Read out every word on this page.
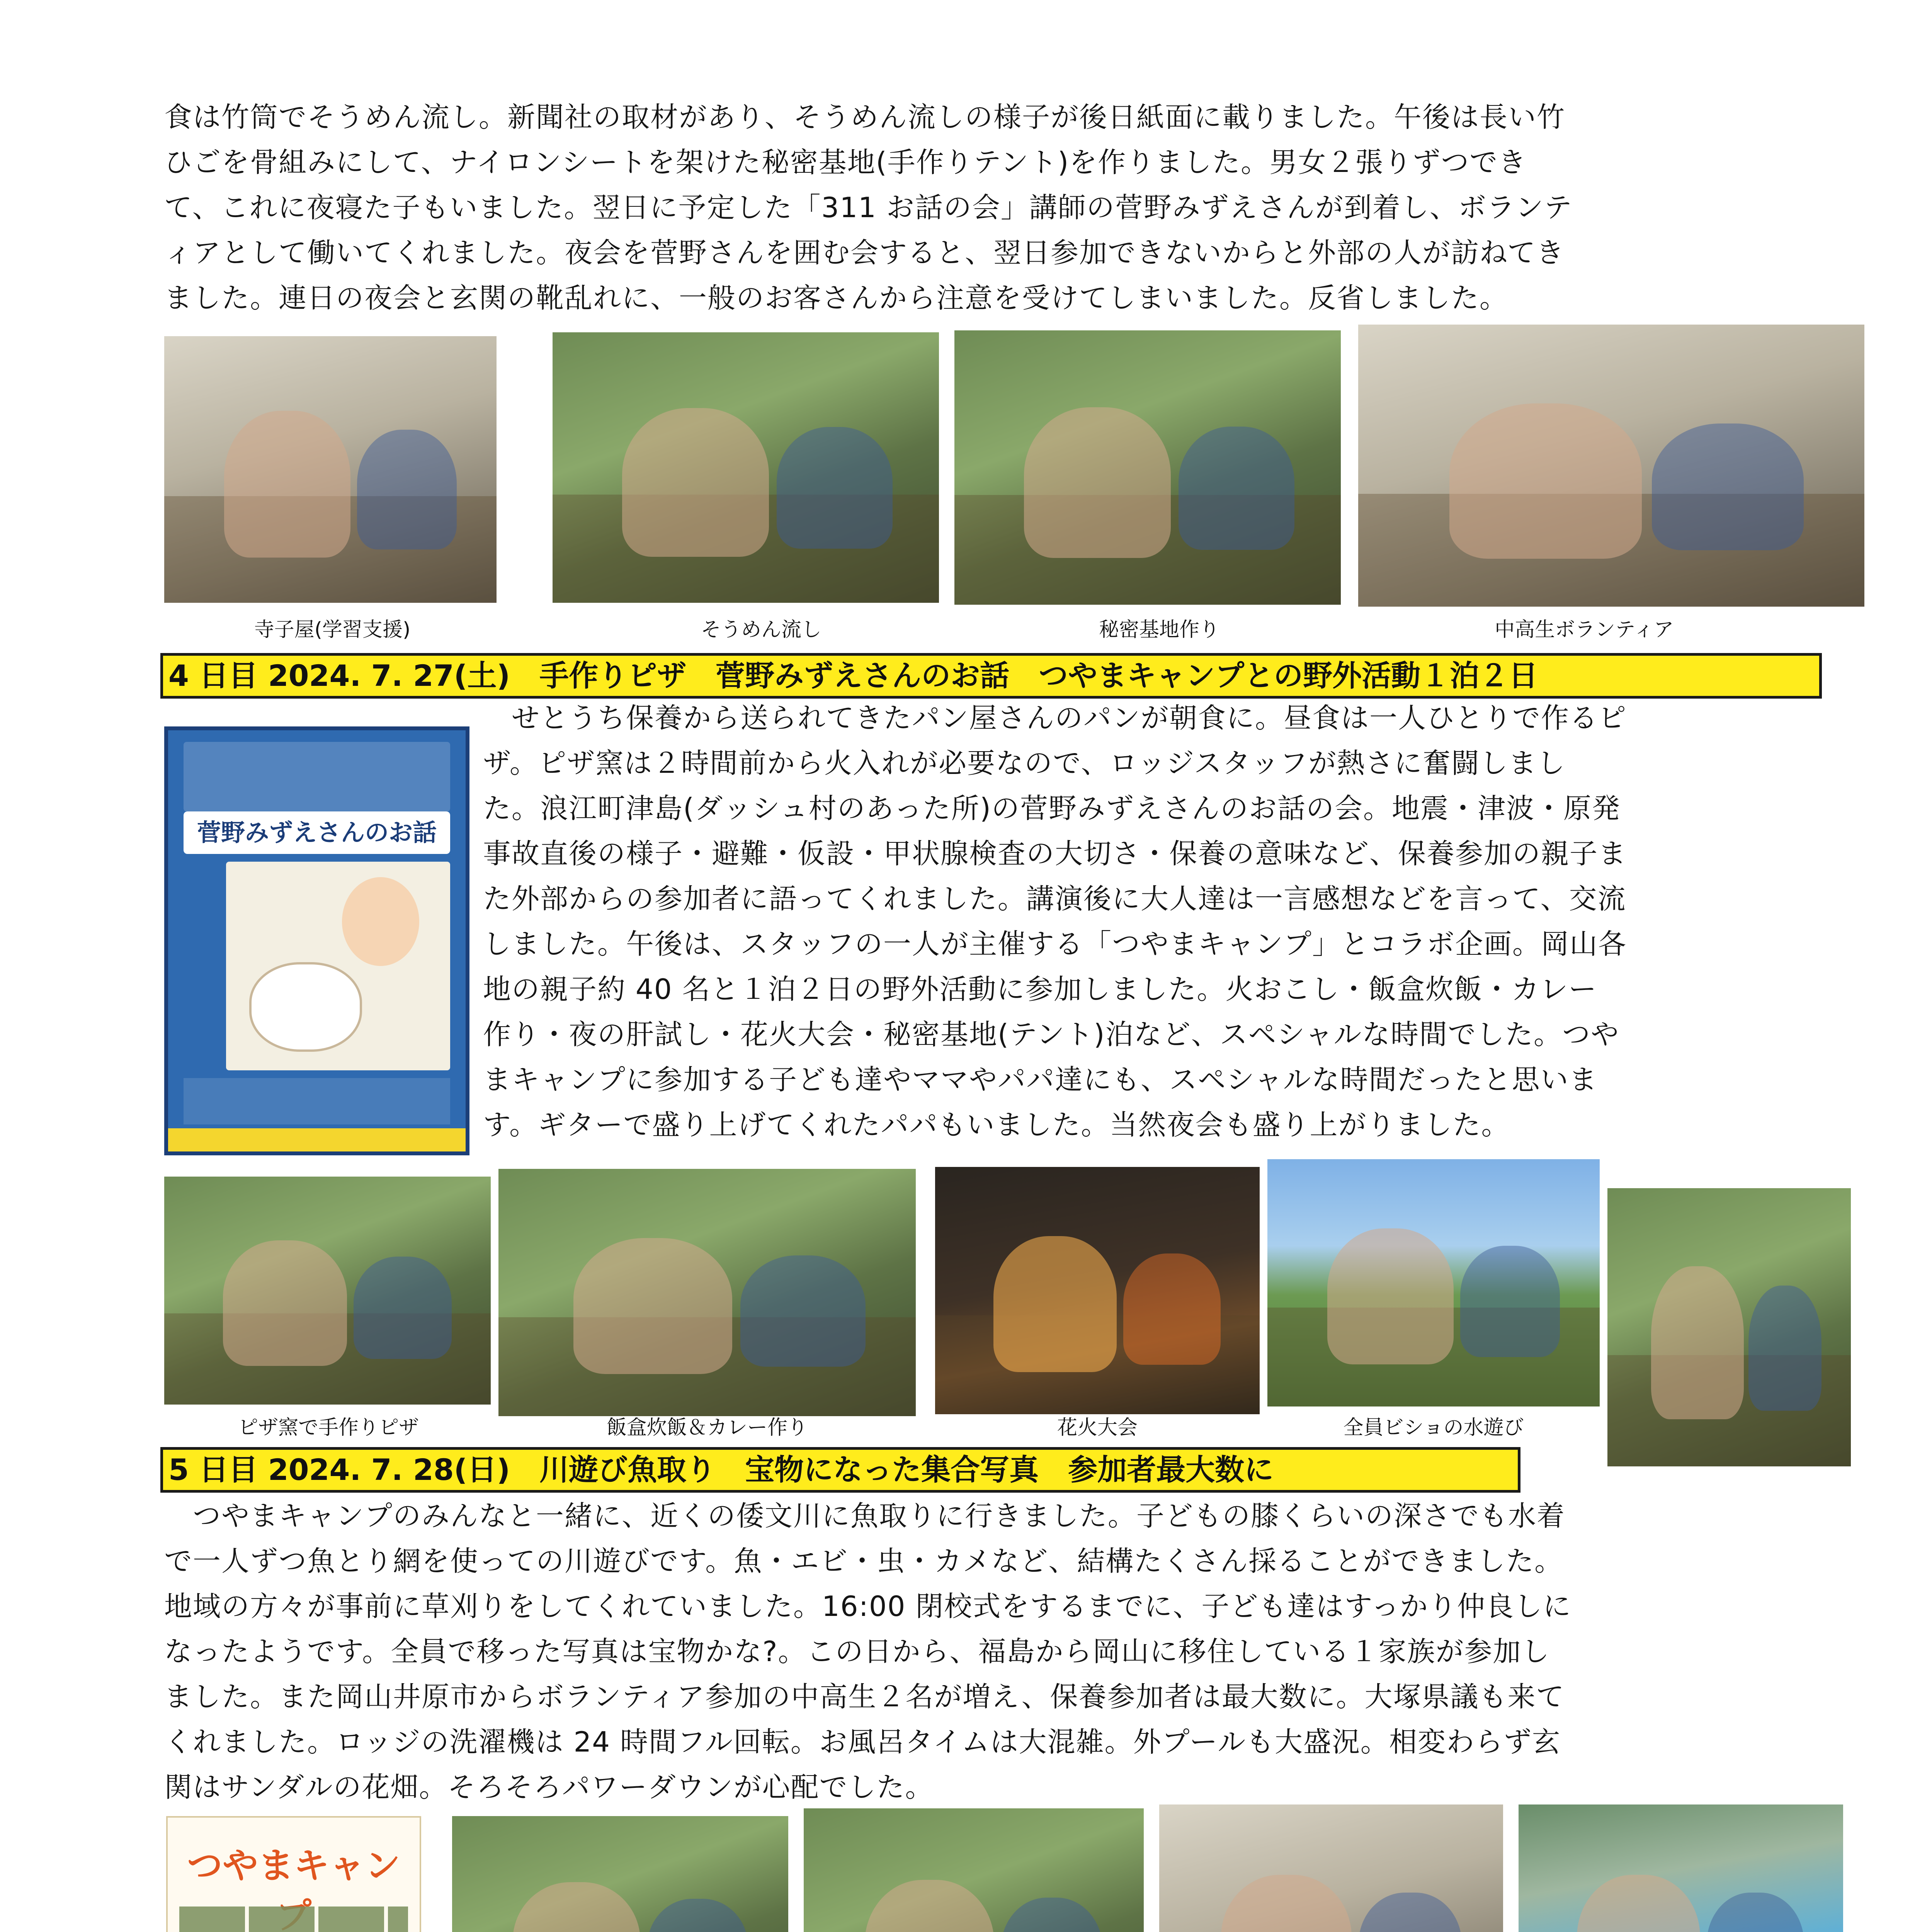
食は竹筒でそうめん流し。新聞社の取材があり、そうめん流しの様子が後日紙面に載りました。午後は長い竹
ひごを骨組みにして、ナイロンシートを架けた秘密基地(手作りテント)を作りました。男女２張りずつでき
て、これに夜寝た子もいました。翌日に予定した「311 お話の会」講師の菅野みずえさんが到着し、ボランテ
ィアとして働いてくれました。夜会を菅野さんを囲む会すると、翌日参加できないからと外部の人が訪ねてき
ました。連日の夜会と玄関の靴乱れに、一般のお客さんから注意を受けてしまいました。反省しました。

寺子屋(学習支援)	そうめん流し	秘密基地作り	中高生ボランティア
4 日目 2024. 7. 27(土)　手作りピザ　菅野みずえさんのお話　つやまキャンプとの野外活動１泊２日
菅野みずえさんのお話

　せとうち保養から送られてきたパン屋さんのパンが朝食に。昼食は一人ひとりで作るピ
ザ。ピザ窯は２時間前から火入れが必要なので、ロッジスタッフが熱さに奮闘しまし
た。浪江町津島(ダッシュ村のあった所)の菅野みずえさんのお話の会。地震・津波・原発
事故直後の様子・避難・仮設・甲状腺検査の大切さ・保養の意味など、保養参加の親子ま
た外部からの参加者に語ってくれました。講演後に大人達は一言感想などを言って、交流
しました。午後は、スタッフの一人が主催する「つやまキャンプ」とコラボ企画。岡山各
地の親子約 40 名と１泊２日の野外活動に参加しました。火おこし・飯盒炊飯・カレー
作り・夜の肝試し・花火大会・秘密基地(テント)泊など、スペシャルな時間でした。つや
まキャンプに参加する子ども達やママやパパ達にも、スペシャルな時間だったと思いま
す。ギターで盛り上げてくれたパパもいました。当然夜会も盛り上がりました。

ピザ窯で手作りピザ	飯盒炊飯＆カレー作り	花火大会	全員ビショの水遊び
5 日目 2024. 7. 28(日)　川遊び魚取り　宝物になった集合写真　参加者最大数に

　つやまキャンプのみんなと一緒に、近くの倭文川に魚取りに行きました。子どもの膝くらいの深さでも水着
で一人ずつ魚とり網を使っての川遊びです。魚・エビ・虫・カメなど、結構たくさん採ることができました。
地域の方々が事前に草刈りをしてくれていました。16:00 閉校式をするまでに、子ども達はすっかり仲良しに
なったようです。全員で移った写真は宝物かな?。この日から、福島から岡山に移住している１家族が参加し
ました。また岡山井原市からボランティア参加の中高生２名が増え、保養参加者は最大数に。大塚県議も来て
くれました。ロッジの洗濯機は 24 時間フル回転。お風呂タイムは大混雑。外プールも大盛況。相変わらず玄
関はサンダルの花畑。そろそろパワーダウンが心配でした。

つやまキャン
